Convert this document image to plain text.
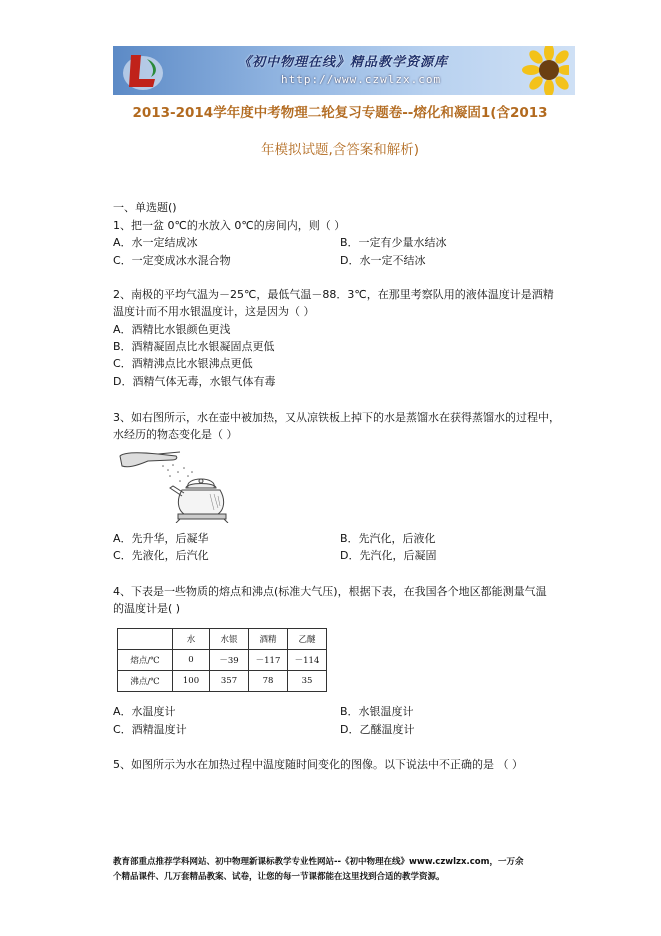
《初中物理在线》精品教学资源库
http://www.czwlzx.com
2013-2014学年度中考物理二轮复习专题卷--熔化和凝固1(含2013
年模拟试题,含答案和解析)
一、单选题()
1、把一盆 0℃的水放入 0℃的房间内，则（ ）
A．水一定结成冰	B．一定有少量水结冰
C．一定变成冰水混合物	D．水一定不结冰
2、南极的平均气温为－25℃，最低气温－88．3℃，在那里考察队用的液体温度计是酒精
温度计而不用水银温度计，这是因为（ ）
A．酒精比水银颜色更浅
B．酒精凝固点比水银凝固点更低
C．酒精沸点比水银沸点更低
D．酒精气体无毒，水银气体有毒
3、如右图所示，水在壶中被加热，又从凉铁板上掉下的水是蒸馏水在获得蒸馏水的过程中，
水经历的物态变化是（ ）
A．先升华，后凝华	B．先汽化，后液化
C．先液化，后汽化	D．先汽化，后凝固
4、下表是一些物质的熔点和沸点(标准大气压)，根据下表，在我国各个地区都能测量气温
的温度计是( )
	水	水银	酒精	乙醚
熔点/℃	0	－39	－117	－114
沸点/℃	100	357	78	35
A．水温度计	B．水银温度计
C．酒精温度计	D．乙醚温度计
5、如图所示为水在加热过程中温度随时间变化的图像。以下说法中不正确的是 （ ）
教育部重点推荐学科网站、初中物理新课标教学专业性网站--《初中物理在线》www.czwlzx.com，一万余
个精品课件、几万套精品教案、试卷，让您的每一节课都能在这里找到合适的教学资源。
